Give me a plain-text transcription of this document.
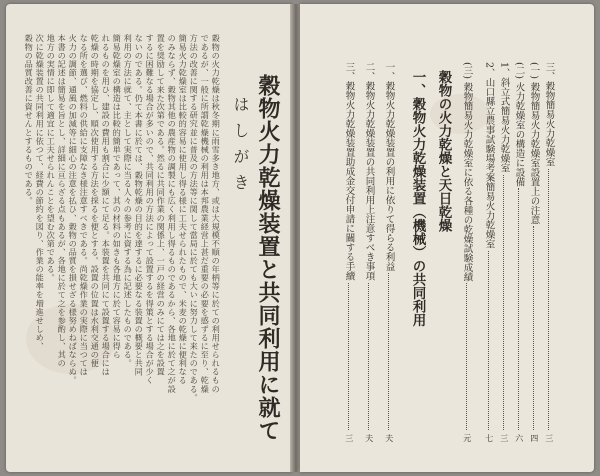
穀物火力乾燥装置と共同利用に就て
はしがき
穀物の火力乾燥は秋冬期に雨雪多き地方、或は大規模不順の年柄等に於ての利用せられるもの
であるが、一般に所謂乾燥機械の利用は本邦農業経営上甚だ重要の必要を感ずるに至り、乾燥
方法の改善に関する研究並に普及の方法等に関して當局に於ても大いに努力して来たのである。
簡易火力乾燥室は比較的容易に使用し得る様に工夫せられたもので、米麦の乾燥に便利なる
のみならず、穀物其他の農産物の調製にも広く利用し得るものであるから、各地に於て之が設
置を奨励して来た次第である。然るに共同作業の関係上、一戸の経営のみにては之を設置
するに困難なる場合が多いので、共同利用の方法によって設置するを得策とする場合が少く
ないのである。仍て本書に於ては、穀物乾燥の目的を達するに必要なる装置の概要と共同
利用の方法に就て、主として実際に当る人々の参考に資する為に記述したものである。
簡易乾燥室の構造は比較的簡単であって、其の材料の如きも各地方に於て容易に得ら
れるものを用ひ、建設の費用も割合に少額にて足る。本装置を共同にて設置する場合には
乾燥の時期を協定し、順次使用する方法を採るを便とする。設置の位置は水利交通の便
なる所を選び、燃料の供給に支障なき様注意すべきである。尚乾燥作業の実際に当つては
火力の調節、通風の加減等に細心の注意を払ひ、穀物の品質を損せざる様努めねばならぬ。
本書の記述は簡易を旨とし、詳細に亘らざる点もあるが、各地に於て之を参酌し、其の
地方の実情に即して適宜に工夫せられんことを望む次第である。
次に乾燥装置の共同利用に依つて、経費の節約を図り、作業の能率を増進せしめ、
穀物の品質改善に資せんとするものである。	三、穀物簡易火力乾燥室
三
(一) 穀物簡易火力乾燥室設置上の注意
四
(二) 火力乾燥室の構造に設備
六
1、斜立式簡易火力乾燥室
三
2、山口縣立農事試験場考案簡易火力乾燥室
七
(三) 穀物簡易火力乾燥室に依る各種の乾燥試験成績
元
穀物の火力乾燥と天日乾燥
一、穀物火力乾燥装置（機械）の共同利用
一、穀物火力乾燥装置の利用に依りて得らる利益
夫
二、穀物火力乾燥装置の共同利用上注意すべき事項
夫
三、穀物火力乾燥装置助成金交付申請に關する手續
三
